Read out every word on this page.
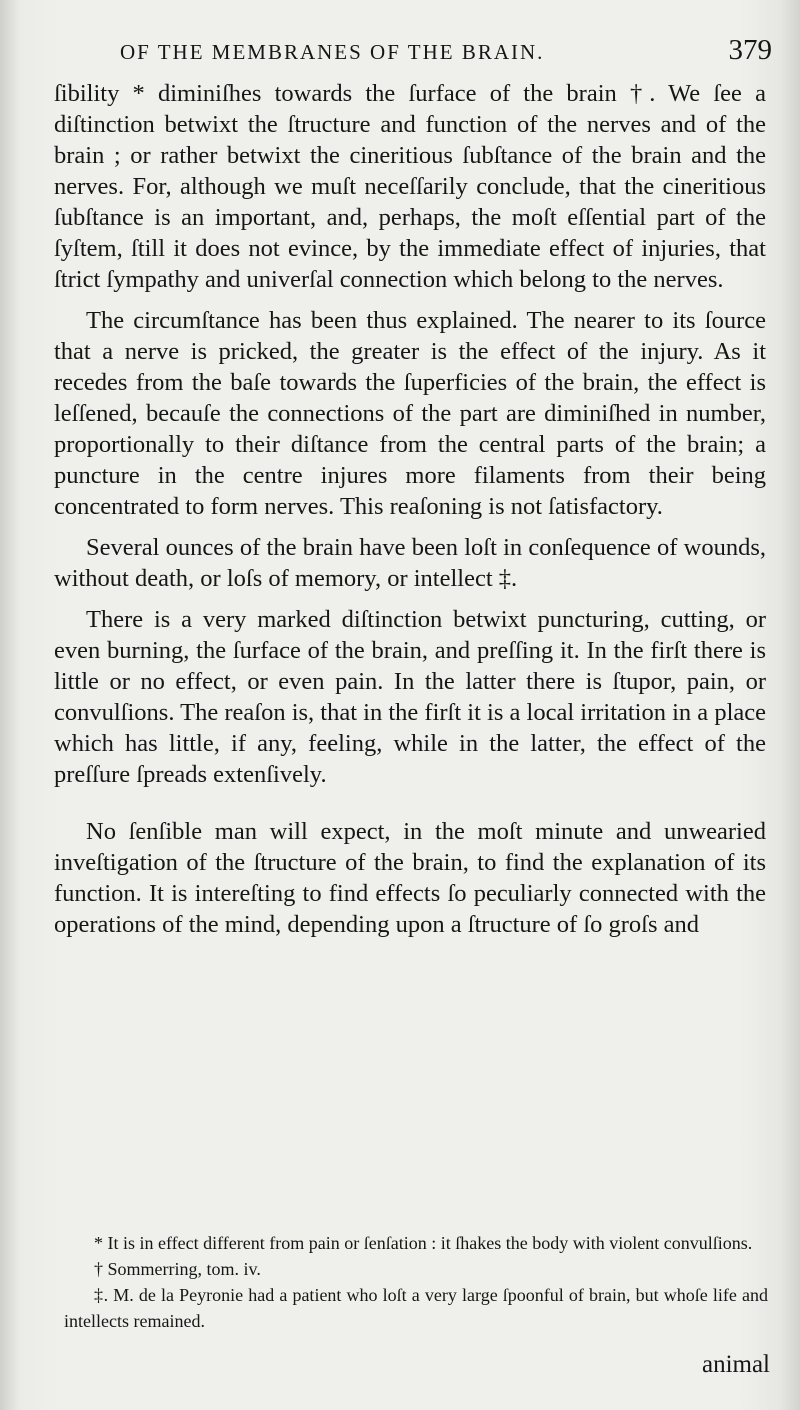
OF THE MEMBRANES OF THE BRAIN.	379

ſibility * diminiſhes towards the ſurface of the brain †. We ſee a diſtinction betwixt the ſtructure and function of the nerves and of the brain ; or rather betwixt the cineritious ſubſtance of the brain and the nerves. For, although we muſt neceſſarily conclude, that the cineritious ſubſtance is an important, and, perhaps, the moſt eſſential part of the ſyſtem, ſtill it does not evince, by the immediate effect of injuries, that ſtrict ſympathy and univerſal connection which belong to the nerves.

The circumſtance has been thus explained. The nearer to its ſource that a nerve is pricked, the greater is the effect of the injury. As it recedes from the baſe towards the ſuperficies of the brain, the effect is leſſened, becauſe the connections of the part are diminiſhed in number, proportionally to their diſtance from the central parts of the brain; a puncture in the centre injures more filaments from their being concentrated to form nerves. This reaſoning is not ſatisfactory.

Several ounces of the brain have been loſt in conſequence of wounds, without death, or loſs of memory, or intellect ‡.

There is a very marked diſtinction betwixt puncturing, cutting, or even burning, the ſurface of the brain, and preſſing it. In the firſt there is little or no effect, or even pain. In the latter there is ſtupor, pain, or convulſions. The reaſon is, that in the firſt it is a local irritation in a place which has little, if any, feeling, while in the latter, the effect of the preſſure ſpreads extenſively.

No ſenſible man will expect, in the moſt minute and unwearied inveſtigation of the ſtructure of the brain, to find the explanation of its function. It is intereſting to find effects ſo peculiarly connected with the operations of the mind, depending upon a ſtructure of ſo groſs and

* It is in effect different from pain or ſenſation : it ſhakes the body with violent convulſions.

† Sommerring, tom. iv.

‡. M. de la Peyronie had a patient who loſt a very large ſpoonful of brain, but whoſe life and intellects remained.

animal
